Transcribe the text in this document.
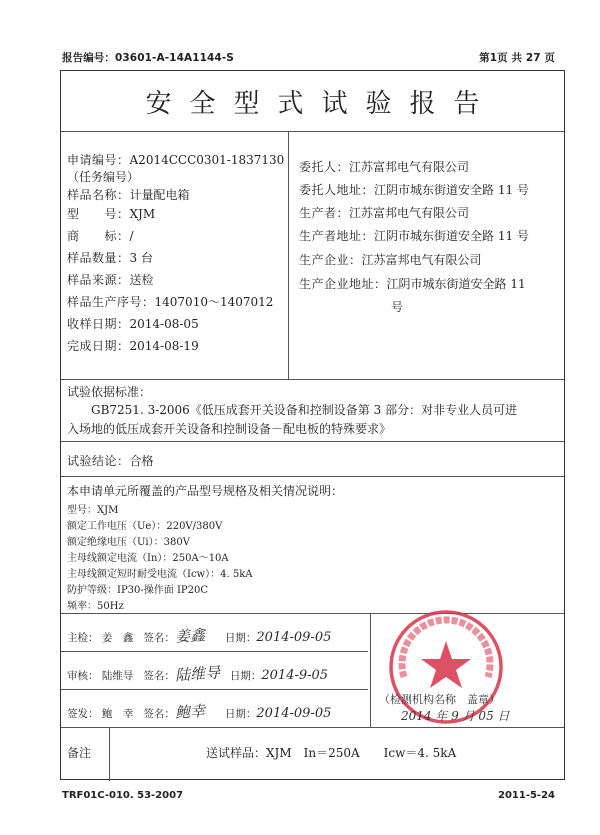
报告编号：03601-A-14A1144-S	第1页 共 27 页
安全型式试验报告
申请编号：A2014CCC0301-1837130
（任务编号）
样品名称：计量配电箱
型　　号：XJM
商　　标：/
样品数量：3 台
样品来源：送检
样品生产序号：1407010～1407012
收样日期：2014-08-05
完成日期：2014-08-19
委托人：江苏富邦电气有限公司
委托人地址：江阴市城东街道安全路 11 号
生产者：江苏富邦电气有限公司
生产者地址：江阴市城东街道安全路 11 号
生产企业：江苏富邦电气有限公司
生产企业地址：江阴市城东街道安全路 11
号
试验依据标准：
GB7251. 3-2006《低压成套开关设备和控制设备第 3 部分：对非专业人员可进
入场地的低压成套开关设备和控制设备－配电板的特殊要求》
试验结论：合格
本申请单元所覆盖的产品型号规格及相关情况说明：
型号：XJM
额定工作电压（Ue）：220V/380V
额定绝缘电压（Ui）：380V
主母线额定电流（In）：250A～10A
主母线额定短时耐受电流（Icw）：4. 5kA
防护等级：IP30-操作面 IP20C
频率：50Hz
主检： 姜　鑫 签名：姜鑫 日期：2014-09-05
审核： 陆维导 签名：陆维导 日期：2014-9-05
签发： 鲍　幸 签名：鲍幸 日期：2014-09-05
（检测机构名称　盖章）
2014 年 9 月 05 日
备注	送试样品：XJM　In＝250A　　Icw＝4. 5kA
TRF01C-010. 53-2007	2011-5-24
